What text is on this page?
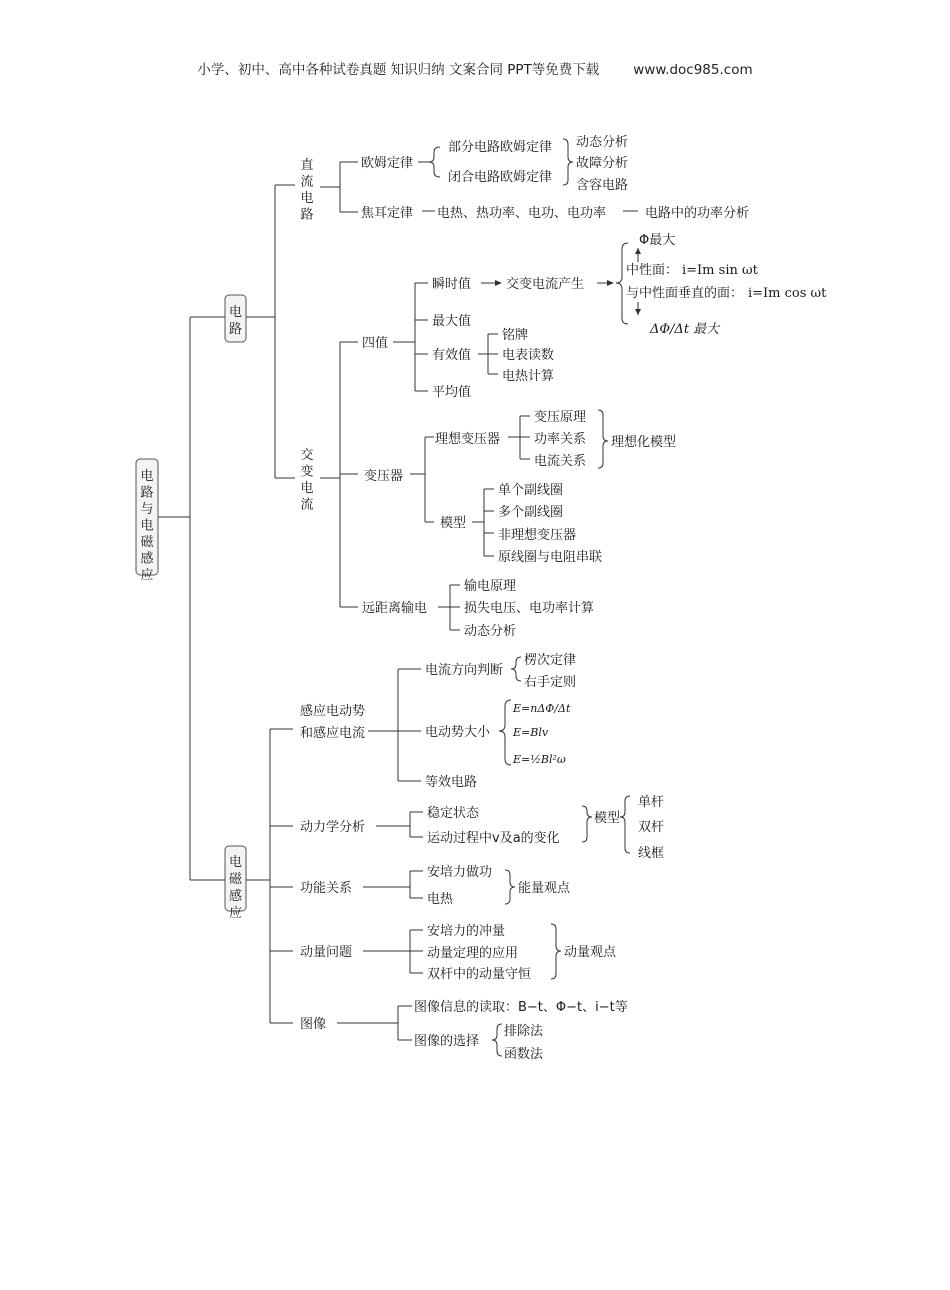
小学、初中、高中各种试卷真题 知识归纳 文案合同 PPT等免费下载	www.doc985.com
电
路
与
电
磁
感
应
电
路
直
流
电
路
欧姆定律
部分电路欧姆定律
闭合电路欧姆定律
动态分析
故障分析
含容电路
焦耳定律 电热、热功率、电功、电功率	电路中的功率分析
交
变
电
流
四值
瞬时值	交变电流产生
Φ最大
中性面： i=Im sin ωt
与中性面垂直的面： i=Im cos ωt
ΔΦ/Δt 最大
最大值
有效值
铭牌
电表读数
电热计算
平均值
变压器
理想变压器
变压原理
功率关系
电流关系
理想化模型
模型
单个副线圈
多个副线圈
非理想变压器
原线圈与电阻串联
远距离输电
输电原理
损失电压、电功率计算
动态分析
电
磁
感
应
感应电动势
和感应电流
电流方向判断
楞次定律
右手定则
电动势大小
E=nΔΦ/Δt
E=Blv
E=½Bl²ω
等效电路
动力学分析
稳定状态
运动过程中v及a的变化
模型
单杆
双杆
线框
功能关系
安培力做功
电热
能量观点
动量问题
安培力的冲量
动量定理的应用
双杆中的动量守恒
动量观点
图像
图像信息的读取：B−t、Φ−t、i−t等
图像的选择
排除法
函数法
